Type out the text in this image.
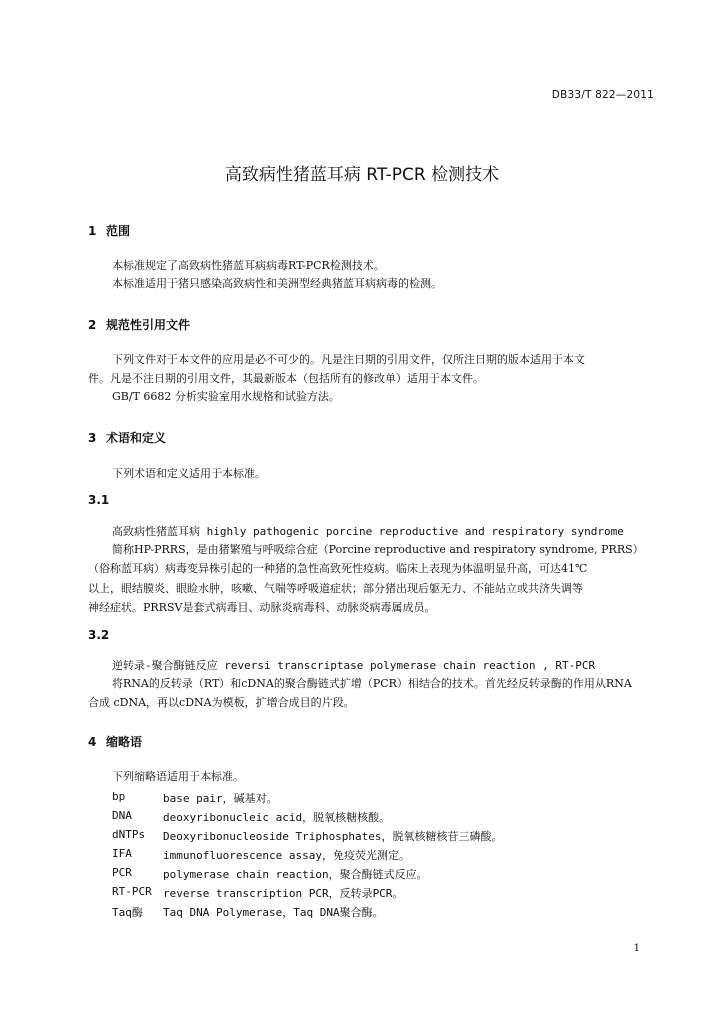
DB33/T 822—2011
高致病性猪蓝耳病 RT-PCR 检测技术
1 范围
本标准规定了高致病性猪蓝耳病病毒RT-PCR检测技术。
本标准适用于猪只感染高致病性和美洲型经典猪蓝耳病病毒的检测。
2 规范性引用文件
下列文件对于本文件的应用是必不可少的。凡是注日期的引用文件，仅所注日期的版本适用于本文
件。凡是不注日期的引用文件，其最新版本（包括所有的修改单）适用于本文件。
GB/T 6682 分析实验室用水规格和试验方法。
3 术语和定义
下列术语和定义适用于本标准。
3.1
高致病性猪蓝耳病 highly pathogenic porcine reproductive and respiratory syndrome
简称HP-PRRS，是由猪繁殖与呼吸综合症（Porcine reproductive and respiratory syndrome, PRRS）
（俗称蓝耳病）病毒变异株引起的一种猪的急性高致死性疫病。临床上表现为体温明显升高，可达41℃
以上，眼结膜炎、眼睑水肿，咳嗽、气喘等呼吸道症状；部分猪出现后躯无力、不能站立或共济失调等
神经症状。PRRSV是套式病毒目、动脉炎病毒科、动脉炎病毒属成员。
3.2
逆转录-聚合酶链反应 reversi transcriptase polymerase chain reaction , RT-PCR
将RNA的反转录（RT）和cDNA的聚合酶链式扩增（PCR）相结合的技术。首先经反转录酶的作用从RNA
合成 cDNA，再以cDNA为模板，扩增合成目的片段。
4 缩略语
下列缩略语适用于本标准。
bp	base pair，碱基对。
DNA	deoxyribonucleic acid，脱氧核糖核酸。
dNTPs Deoxyribonucleoside Triphosphates，脱氧核糖核苷三磷酸。
IFA	immunofluorescence assay，免疫荧光测定。
PCR	polymerase chain reaction，聚合酶链式反应。
RT-PCR reverse transcription PCR，反转录PCR。
Taq酶 Taq DNA Polymerase，Taq DNA聚合酶。
1
